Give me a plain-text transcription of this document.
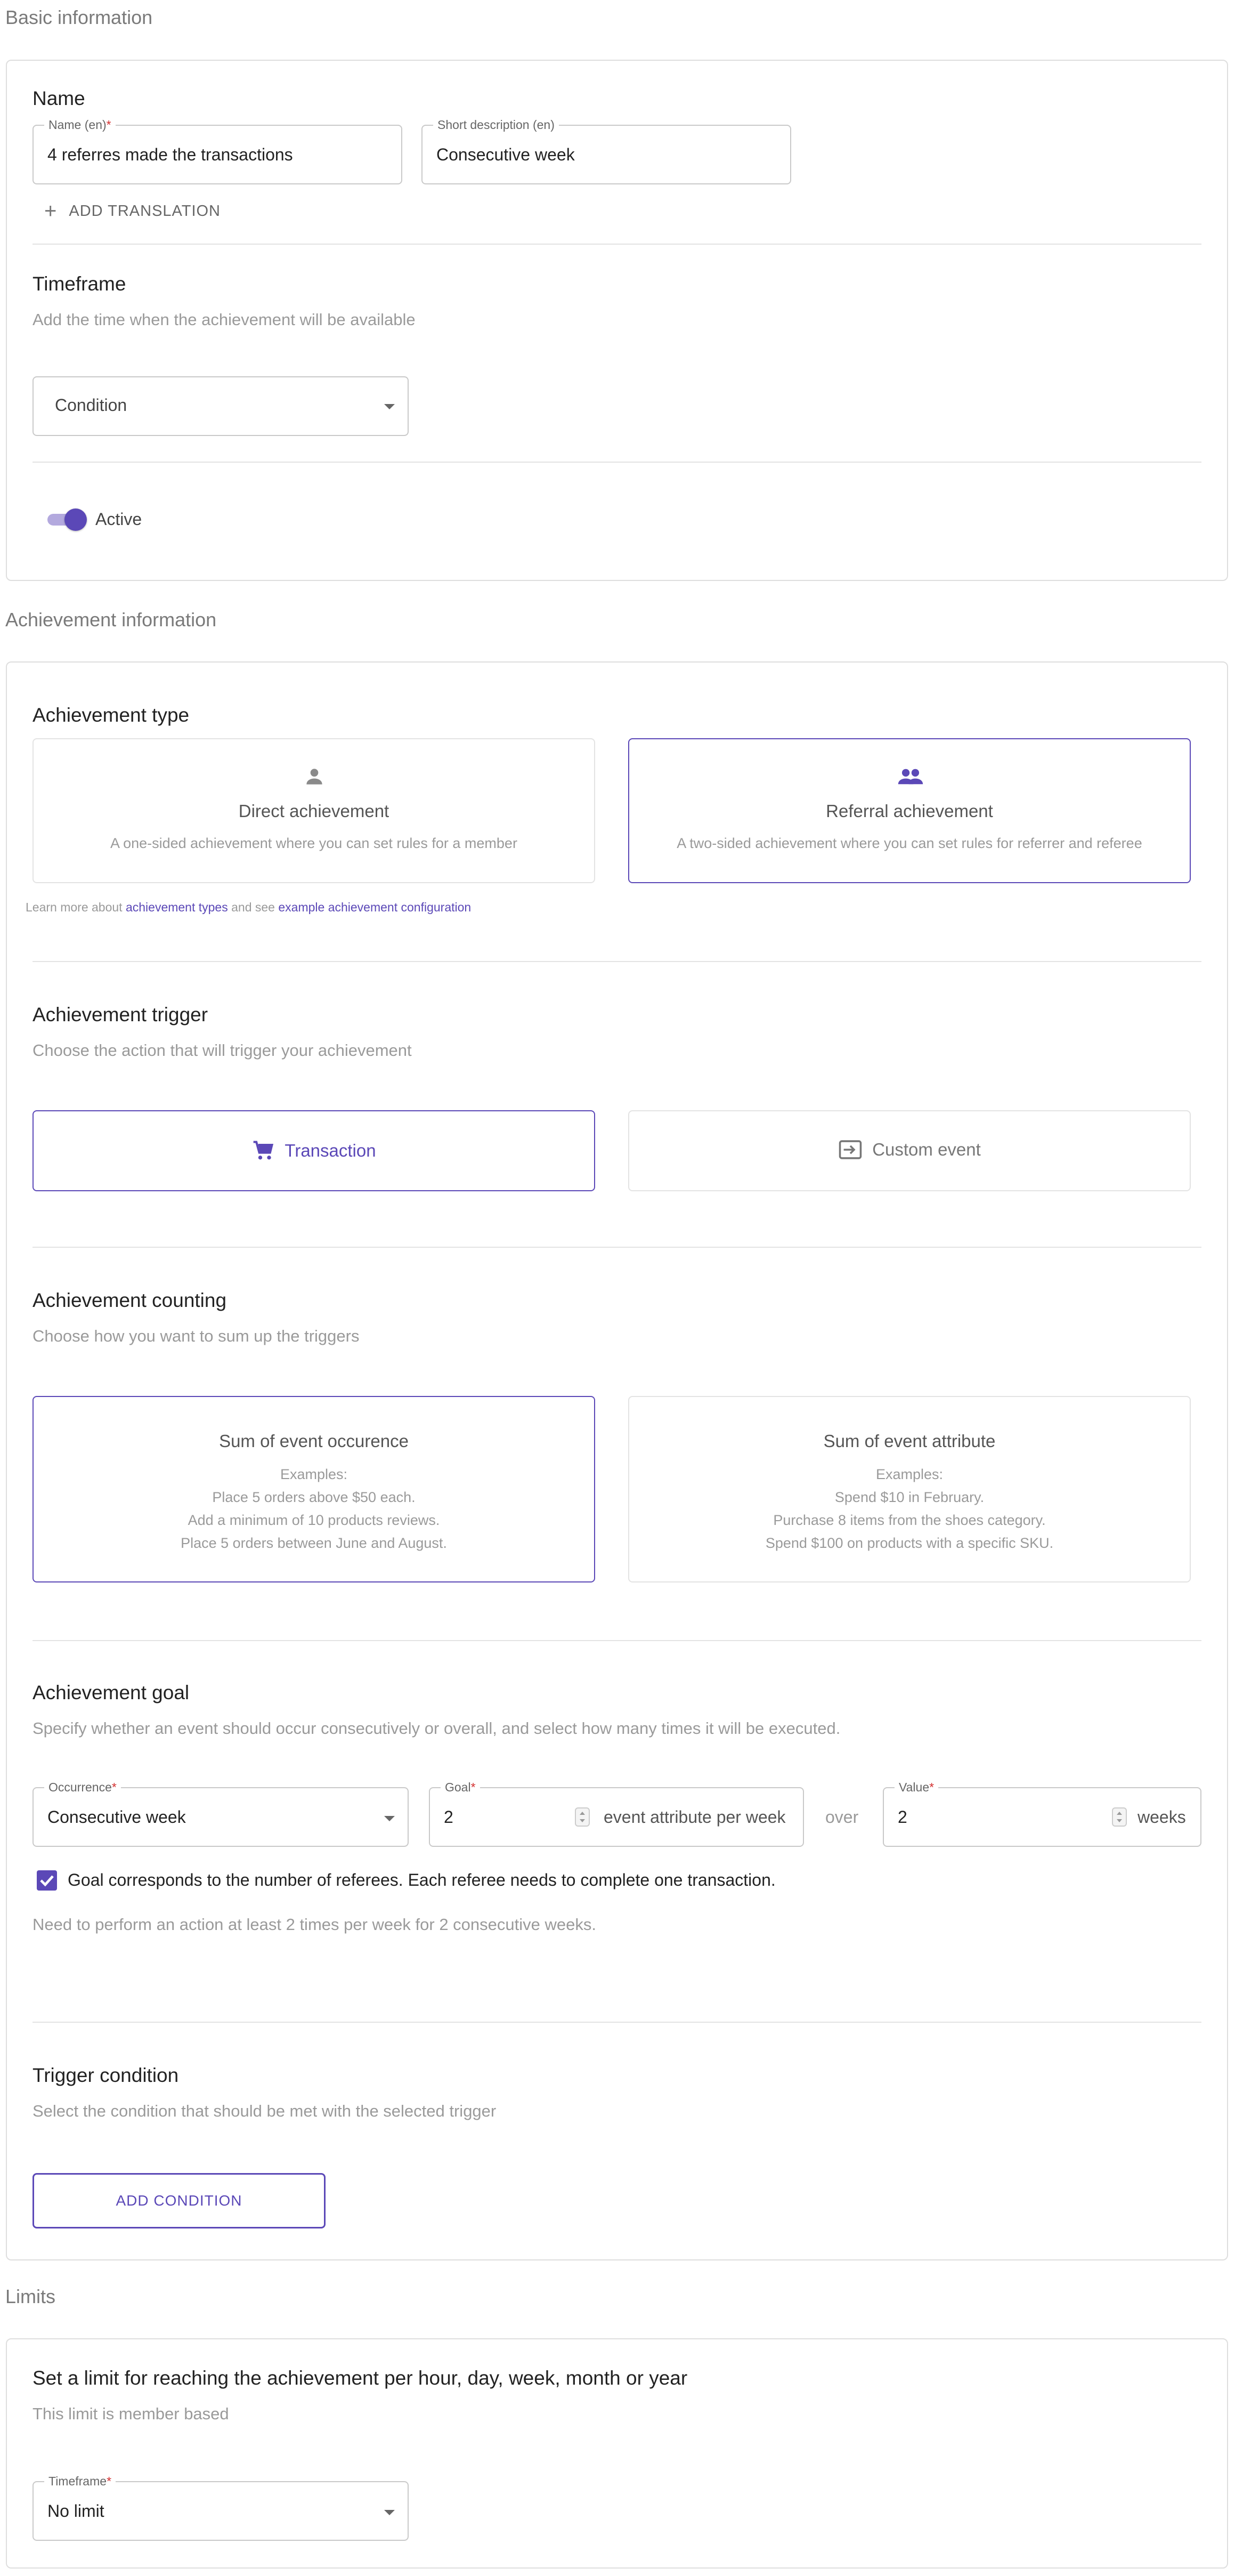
Basic information
Name
Name (en)*
4 referres made the transactions
Short description (en)
Consecutive week
+ ADD TRANSLATION
Timeframe
Add the time when the achievement will be available
Condition
Active
Achievement information
Achievement type
Direct achievement
A one-sided achievement where you can set rules for a member
Referral achievement
A two-sided achievement where you can set rules for referrer and referee
Learn more about achievement types and see example achievement configuration
Achievement trigger
Choose the action that will trigger your achievement
Transaction	Custom event
Achievement counting
Choose how you want to sum up the triggers
Sum of event occurence
Examples:
Place 5 orders above $50 each.
Add a minimum of 10 products reviews.
Place 5 orders between June and August.
Sum of event attribute
Examples:
Spend $10 in February.
Purchase 8 items from the shoes category.
Spend $100 on products with a specific SKU.
Achievement goal
Specify whether an event should occur consecutively or overall, and select how many times it will be executed.
Occurrence*
Consecutive week
Goal*
2	event attribute per week over
Value*
2	weeks
Goal corresponds to the number of referees. Each referee needs to complete one transaction.
Need to perform an action at least 2 times per week for 2 consecutive weeks.
Trigger condition
Select the condition that should be met with the selected trigger
ADD CONDITION
Limits
Set a limit for reaching the achievement per hour, day, week, month or year
This limit is member based
Timeframe*
No limit
